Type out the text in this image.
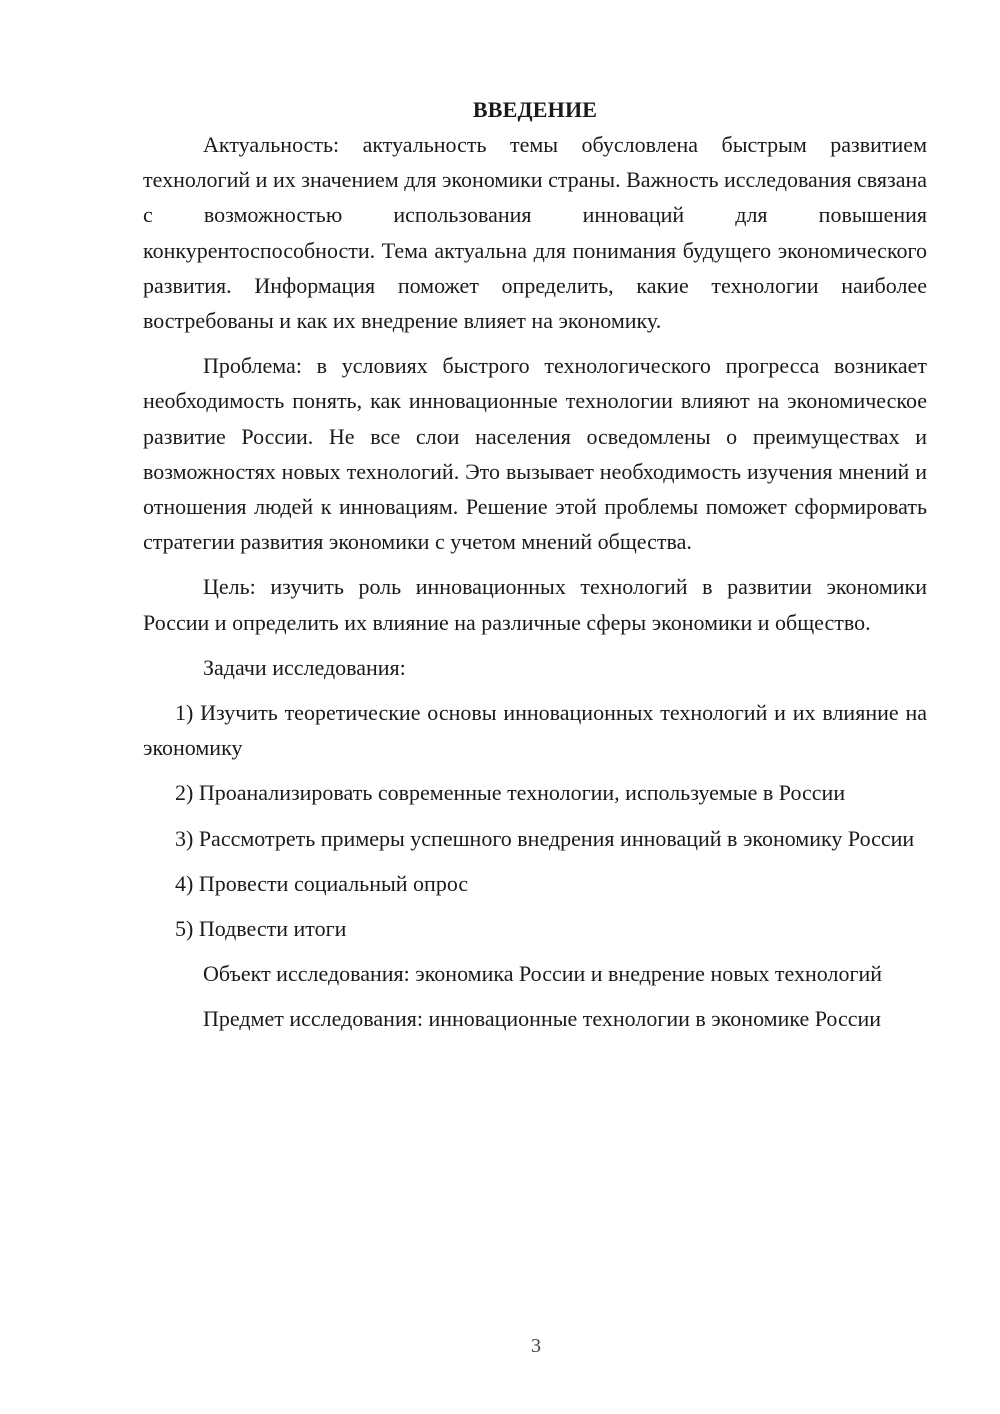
ВВЕДЕНИЕ

Актуальность: актуальность темы обусловлена быстрым развитием технологий и их значением для экономики страны. Важность исследования связана с возможностью использования инноваций для повышения конкурентоспособности. Тема актуальна для понимания будущего экономического развития. Информация поможет определить, какие технологии наиболее востребованы и как их внедрение влияет на экономику.

Проблема: в условиях быстрого технологического прогресса возникает необходимость понять, как инновационные технологии влияют на экономическое развитие России. Не все слои населения осведомлены о преимуществах и возможностях новых технологий. Это вызывает необходимость изучения мнений и отношения людей к инновациям. Решение этой проблемы поможет сформировать стратегии развития экономики с учетом мнений общества.

Цель: изучить роль инновационных технологий в развитии экономики России и определить их влияние на различные сферы экономики и общество.

Задачи исследования:

1) Изучить теоретические основы инновационных технологий и их влияние на экономику

2) Проанализировать современные технологии, используемые в России

3) Рассмотреть примеры успешного внедрения инноваций в экономику России

4) Провести социальный опрос

5) Подвести итоги

Объект исследования: экономика России и внедрение новых технологий

Предмет исследования: инновационные технологии в экономике России

3
